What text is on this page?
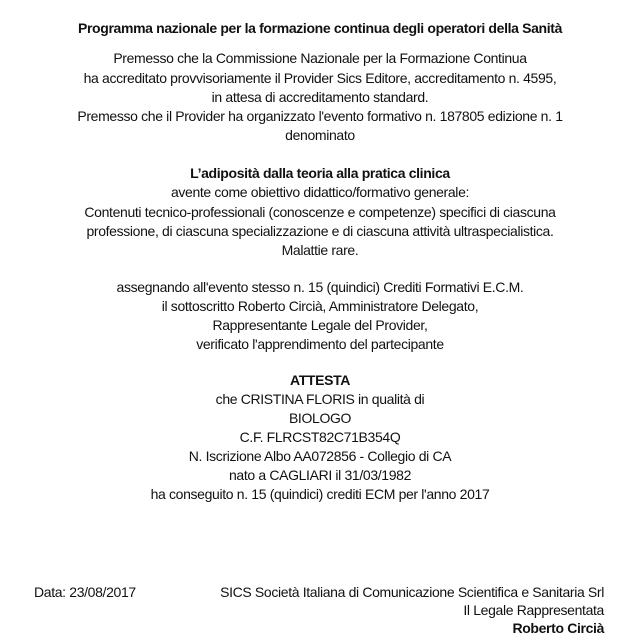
Programma nazionale per la formazione continua degli operatori della Sanità
Premesso che la Commissione Nazionale per la Formazione Continua
ha accreditato provvisoriamente il Provider Sics Editore, accreditamento n. 4595,
in attesa di accreditamento standard.
Premesso che il Provider ha organizzato l'evento formativo n. 187805 edizione n. 1
denominato
L’adiposità dalla teoria alla pratica clinica
avente come obiettivo didattico/formativo generale:
Contenuti tecnico-professionali (conoscenze e competenze) specifici di ciascuna
professione, di ciascuna specializzazione e di ciascuna attività ultraspecialistica.
Malattie rare.
assegnando all'evento stesso n. 15 (quindici) Crediti Formativi E.C.M.
il sottoscritto Roberto Circià, Amministratore Delegato,
Rappresentante Legale del Provider,
verificato l'apprendimento del partecipante
ATTESTA
che CRISTINA FLORIS in qualità di
BIOLOGO
C.F. FLRCST82C71B354Q
N. Iscrizione Albo AA072856 - Collegio di CA
nato a CAGLIARI il 31/03/1982
ha conseguito n. 15 (quindici) crediti ECM per l'anno 2017
Data: 23/08/2017	SICS Società Italiana di Comunicazione Scientifica e Sanitaria Srl
Il Legale Rappresentata
Roberto Circià
